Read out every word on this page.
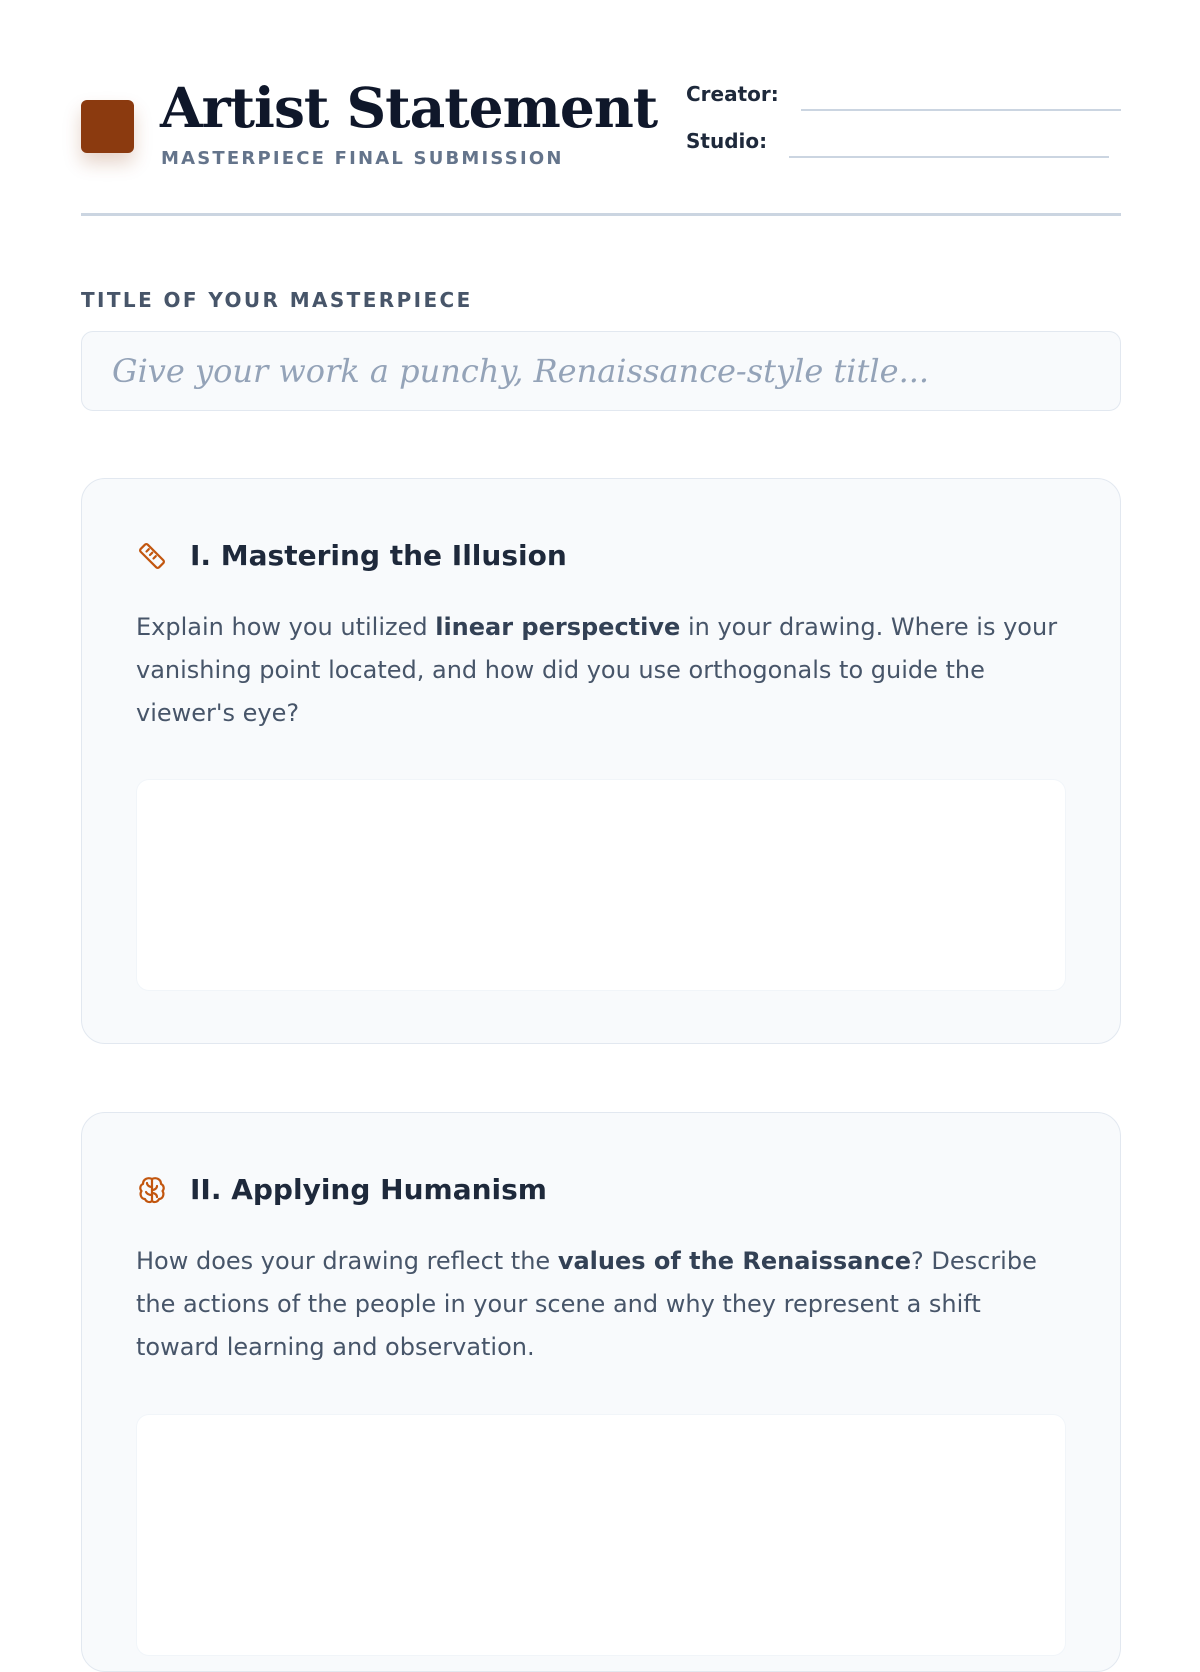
Artist Statement
MASTERPIECE FINAL SUBMISSION
Creator:
Studio:
TITLE OF YOUR MASTERPIECE
Give your work a punchy, Renaissance-style title...
I. Mastering the Illusion

Explain how you utilized linear perspective in your drawing. Where is your vanishing point located, and how did you use orthogonals to guide the viewer's eye?

II. Applying Humanism

How does your drawing reflect the values of the Renaissance? Describe the actions of the people in your scene and why they represent a shift toward learning and observation.
